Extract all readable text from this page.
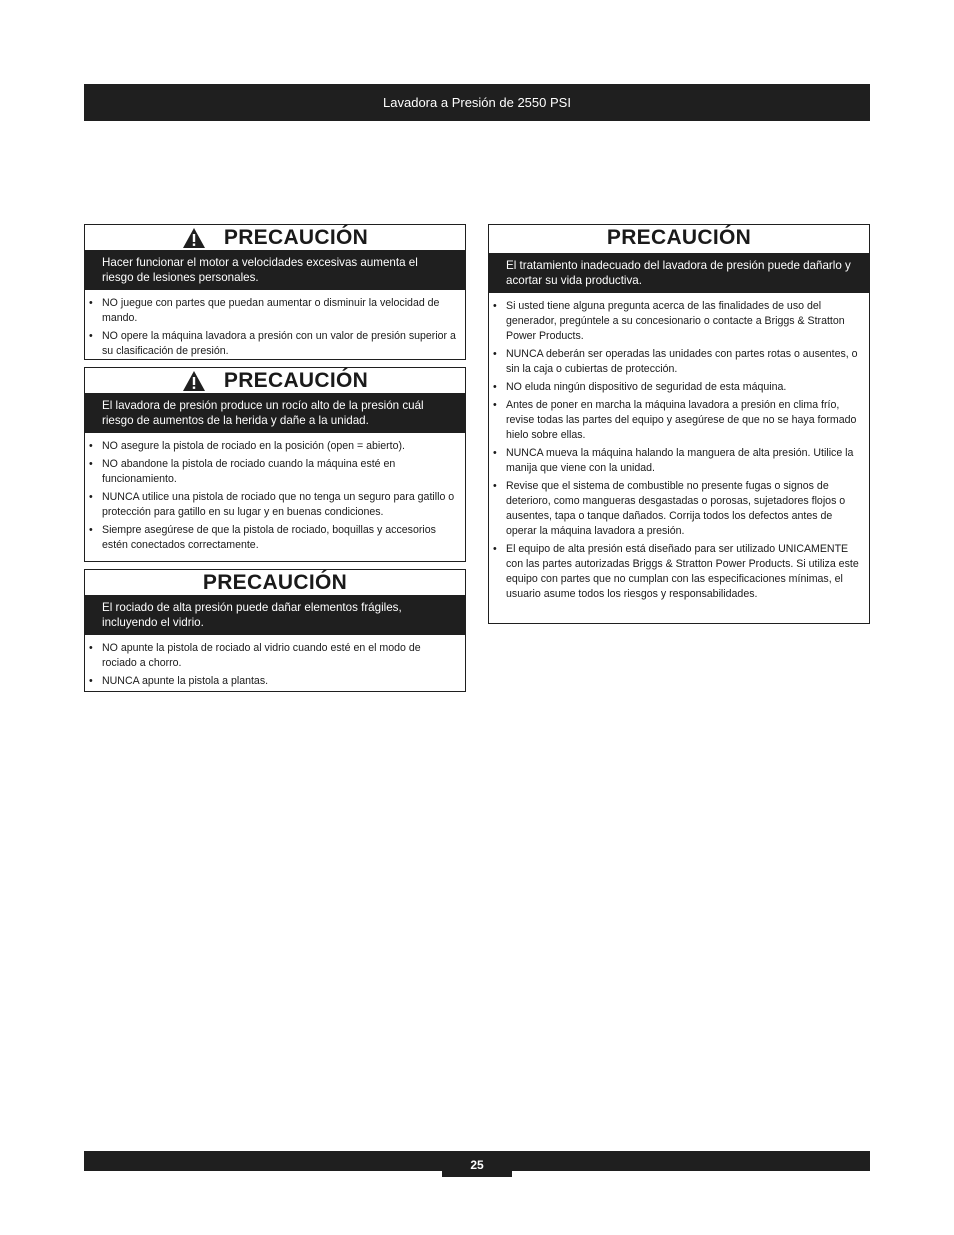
Lavadora a Presión de 2550 PSI
PRECAUCIÓN
Hacer funcionar el motor a velocidades excesivas aumenta el riesgo de lesiones personales.
• NO juegue con partes que puedan aumentar o disminuir la velocidad de mando.
• NO opere la máquina lavadora a presión con un valor de presión superior a su clasificación de presión.
PRECAUCIÓN
El lavadora de presión produce un rocío alto de la presión cuál riesgo de aumentos de la herida y dañe a la unidad.
• NO asegure la pistola de rociado en la posición (open = abierto).
• NO abandone la pistola de rociado cuando la máquina esté en funcionamiento.
• NUNCA utilice una pistola de rociado que no tenga un seguro para gatillo o protección para gatillo en su lugar y en buenas condiciones.
• Siempre asegúrese de que la pistola de rociado, boquillas y accesorios estén conectados correctamente.
PRECAUCIÓN
El rociado de alta presión puede dañar elementos frágiles, incluyendo el vidrio.
• NO apunte la pistola de rociado al vidrio cuando esté en el modo de rociado a chorro.
• NUNCA apunte la pistola a plantas.
PRECAUCIÓN
El tratamiento inadecuado del lavadora de presión puede dañarlo y acortar su vida productiva.
• Si usted tiene alguna pregunta acerca de las finalidades de uso del generador, pregúntele a su concesionario o contacte a Briggs & Stratton Power Products.
• NUNCA deberán ser operadas las unidades con partes rotas o ausentes, o sin la caja o cubiertas de protección.
• NO eluda ningún dispositivo de seguridad de esta máquina.
• Antes de poner en marcha la máquina lavadora a presión en clima frío, revise todas las partes del equipo y asegúrese de que no se haya formado hielo sobre ellas.
• NUNCA mueva la máquina halando la manguera de alta presión. Utilice la manija que viene con la unidad.
• Revise que el sistema de combustible no presente fugas o signos de deterioro, como mangueras desgastadas o porosas, sujetadores flojos o ausentes, tapa o tanque dañados. Corrija todos los defectos antes de operar la máquina lavadora a presión.
• El equipo de alta presión está diseñado para ser utilizado UNICAMENTE con las partes autorizadas Briggs & Stratton Power Products. Si utiliza este equipo con partes que no cumplan con las especificaciones mínimas, el usuario asume todos los riesgos y responsabilidades.
25
